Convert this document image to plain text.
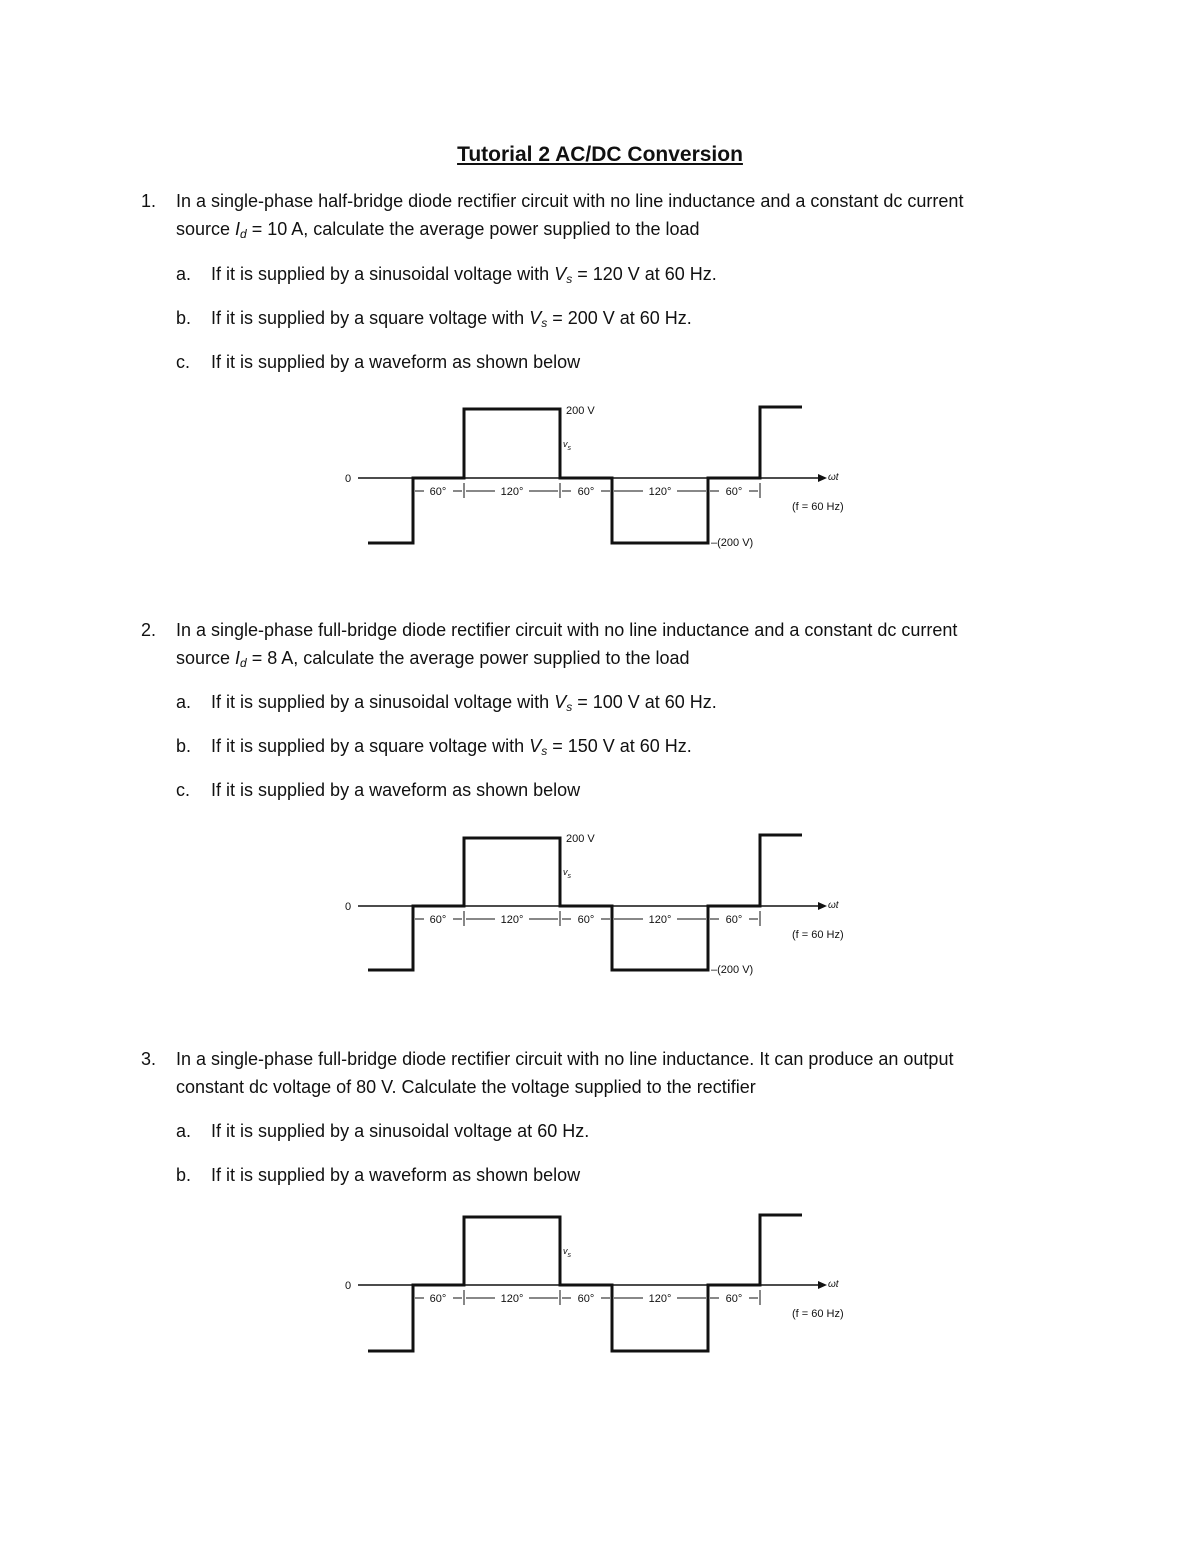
Tutorial 2 AC/DC Conversion
1. In a single-phase half-bridge diode rectifier circuit with no line inductance and a constant dc current
source $I_d = 10$ A, calculate the average power supplied to the load
a. If it is supplied by a sinusoidal voltage with $V_s = 120$ V at 60 Hz.
b. If it is supplied by a square voltage with $V_s = 200$ V at 60 Hz.
c. If it is supplied by a waveform as shown below
0	ωt
200 V
$v_s$
–(200 V)
(f = 60 Hz)
60°	120°	60°	120°	60°
2. In a single-phase full-bridge diode rectifier circuit with no line inductance and a constant dc current
source $I_d = 8$ A, calculate the average power supplied to the load
a. If it is supplied by a sinusoidal voltage with $V_s = 100$ V at 60 Hz.
b. If it is supplied by a square voltage with $V_s = 150$ V at 60 Hz.
c. If it is supplied by a waveform as shown below
0	ωt
200 V
$v_s$
–(200 V)
(f = 60 Hz)
60°	120°	60°	120°	60°
3. In a single-phase full-bridge diode rectifier circuit with no line inductance. It can produce an output
constant dc voltage of 80 V. Calculate the voltage supplied to the rectifier
a. If it is supplied by a sinusoidal voltage at 60 Hz.
b. If it is supplied by a waveform as shown below
0	ωt
$v_s$
(f = 60 Hz)
60°	120°	60°	120°	60°
